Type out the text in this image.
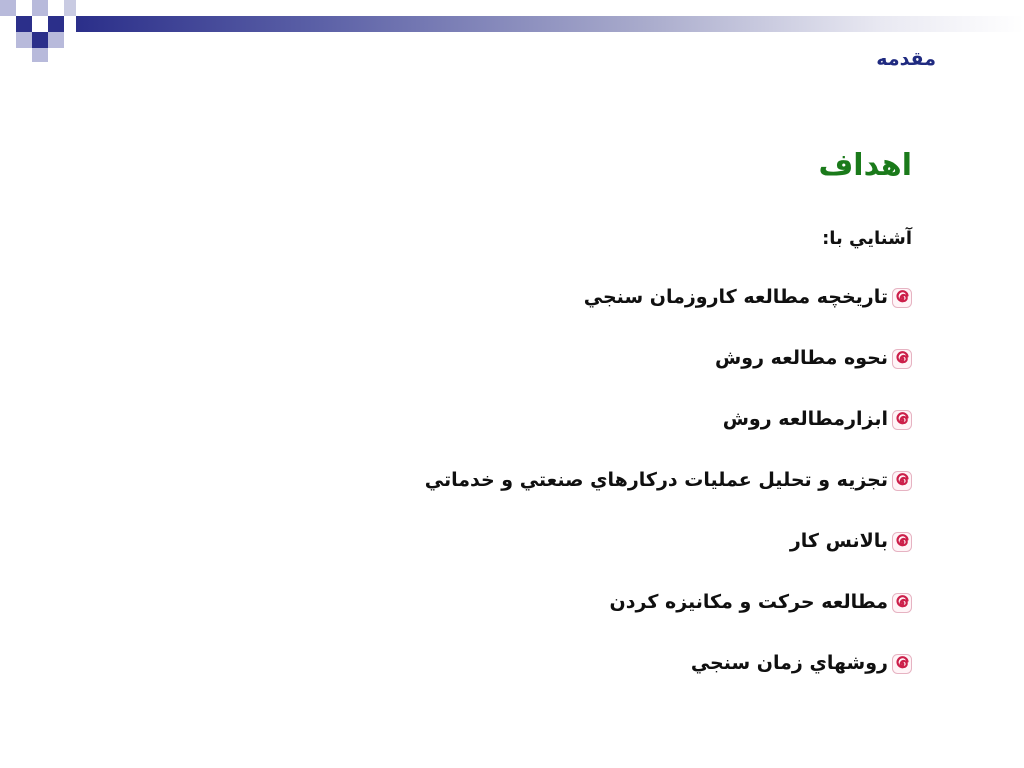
مقدمه
اهداف
آشنايي با:
تاريخچه مطالعه كاروزمان سنجي
نحوه مطالعه روش
ابزارمطالعه روش
تجزيه و تحليل عمليات دركارهاي صنعتي و خدماتي
بالانس كار
مطالعه حركت و مكانيزه كردن
روشهاي زمان سنجي
